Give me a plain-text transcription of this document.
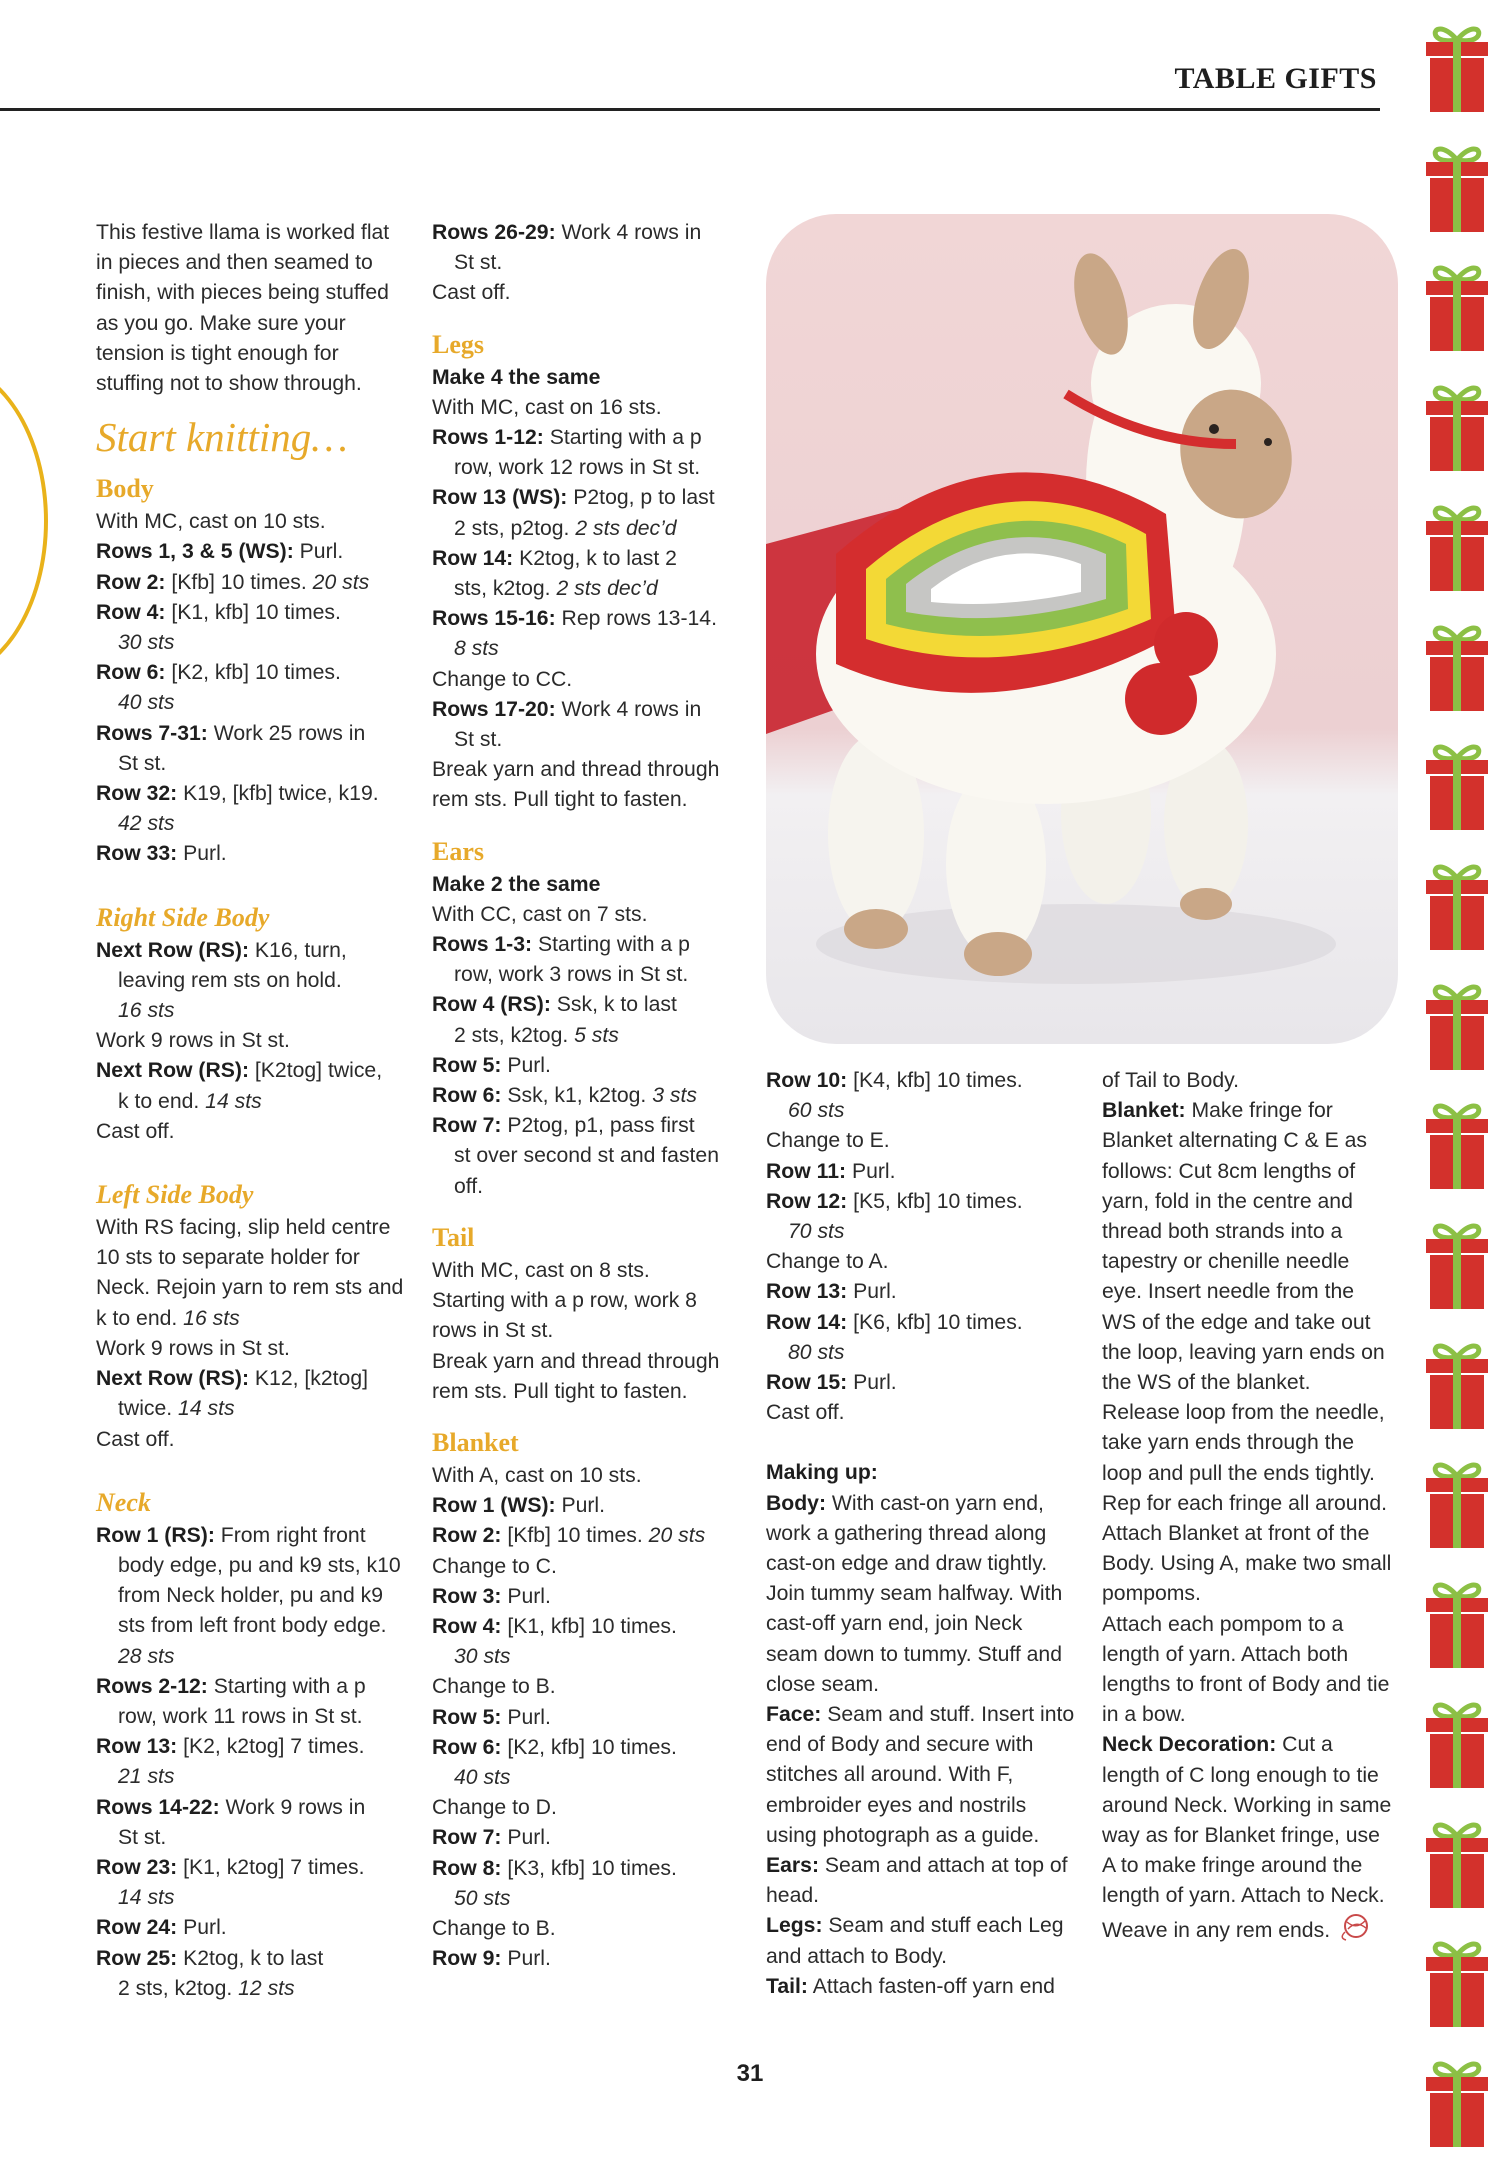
TABLE GIFTS

This festive llama is worked flat in pieces and then seamed to finish, with pieces being stuffed as you go. Make sure your tension is tight enough for stuffing not to show through.

Start knitting…
Body

With MC, cast on 10 sts.

Rows 1, 3 & 5 (WS): Purl.

Row 2: [Kfb] 10 times. 20 sts

Row 4: [K1, kfb] 10 times.

30 sts

Row 6: [K2, kfb] 10 times.

40 sts

Rows 7-31: Work 25 rows in

St st.

Row 32: K19, [kfb] twice, k19.

42 sts

Row 33: Purl.

Right Side Body

Next Row (RS): K16, turn,

leaving rem sts on hold.

16 sts

Work 9 rows in St st.

Next Row (RS): [K2tog] twice,

k to end. 14 sts

Cast off.

Left Side Body

With RS facing, slip held centre 10 sts to separate holder for Neck. Rejoin yarn to rem sts and k to end. 16 sts

Work 9 rows in St st.

Next Row (RS): K12, [k2tog]

twice. 14 sts

Cast off.

Neck

Row 1 (RS): From right front

body edge, pu and k9 sts, k10 from Neck holder, pu and k9 sts from left front body edge. 28 sts

Rows 2-12: Starting with a p

row, work 11 rows in St st.

Row 13: [K2, k2tog] 7 times.

21 sts

Rows 14-22: Work 9 rows in

St st.

Row 23: [K1, k2tog] 7 times.

14 sts

Row 24: Purl.

Row 25: K2tog, k to last

2 sts, k2tog. 12 sts

Rows 26-29: Work 4 rows in

St st.

Cast off.

Legs

Make 4 the same

With MC, cast on 16 sts.

Rows 1-12: Starting with a p

row, work 12 rows in St st.

Row 13 (WS): P2tog, p to last

2 sts, p2tog. 2 sts dec’d

Row 14: K2tog, k to last 2

sts, k2tog. 2 sts dec’d

Rows 15-16: Rep rows 13-14.

8 sts

Change to CC.

Rows 17-20: Work 4 rows in

St st.

Break yarn and thread through rem sts. Pull tight to fasten.

Ears

Make 2 the same

With CC, cast on 7 sts.

Rows 1-3: Starting with a p

row, work 3 rows in St st.

Row 4 (RS): Ssk, k to last

2 sts, k2tog. 5 sts

Row 5: Purl.

Row 6: Ssk, k1, k2tog. 3 sts

Row 7: P2tog, p1, pass first

st over second st and fasten off.

Tail

With MC, cast on 8 sts.

Starting with a p row, work 8 rows in St st.

Break yarn and thread through rem sts. Pull tight to fasten.

Blanket

With A, cast on 10 sts.

Row 1 (WS): Purl.

Row 2: [Kfb] 10 times. 20 sts

Change to C.

Row 3: Purl.

Row 4: [K1, kfb] 10 times.

30 sts

Change to B.

Row 5: Purl.

Row 6: [K2, kfb] 10 times.

40 sts

Change to D.

Row 7: Purl.

Row 8: [K3, kfb] 10 times.

50 sts

Change to B.

Row 9: Purl.

Row 10: [K4, kfb] 10 times.

60 sts

Change to E.

Row 11: Purl.

Row 12: [K5, kfb] 10 times.

70 sts

Change to A.

Row 13: Purl.

Row 14: [K6, kfb] 10 times.

80 sts

Row 15: Purl.

Cast off.

Making up:

Body: With cast-on yarn end, work a gathering thread along cast-on edge and draw tightly. Join tummy seam halfway. With cast-off yarn end, join Neck seam down to tummy. Stuff and close seam.

Face: Seam and stuff. Insert into end of Body and secure with stitches all around. With F, embroider eyes and nostrils using photograph as a guide.

Ears: Seam and attach at top of head.

Legs: Seam and stuff each Leg and attach to Body.

Tail: Attach fasten-off yarn end

of Tail to Body.

Blanket: Make fringe for Blanket alternating C & E as follows: Cut 8cm lengths of yarn, fold in the centre and thread both strands into a tapestry or chenille needle eye. Insert needle from the WS of the edge and take out the loop, leaving yarn ends on the WS of the blanket. Release loop from the needle, take yarn ends through the loop and pull the ends tightly. Rep for each fringe all around.

Attach Blanket at front of the Body. Using A, make two small pompoms.

Attach each pompom to a length of yarn. Attach both lengths to front of Body and tie in a bow.

Neck Decoration: Cut a length of C long enough to tie around Neck. Working in same way as for Blanket fringe, use A to make fringe around the length of yarn. Attach to Neck.

Weave in any rem ends.

31
